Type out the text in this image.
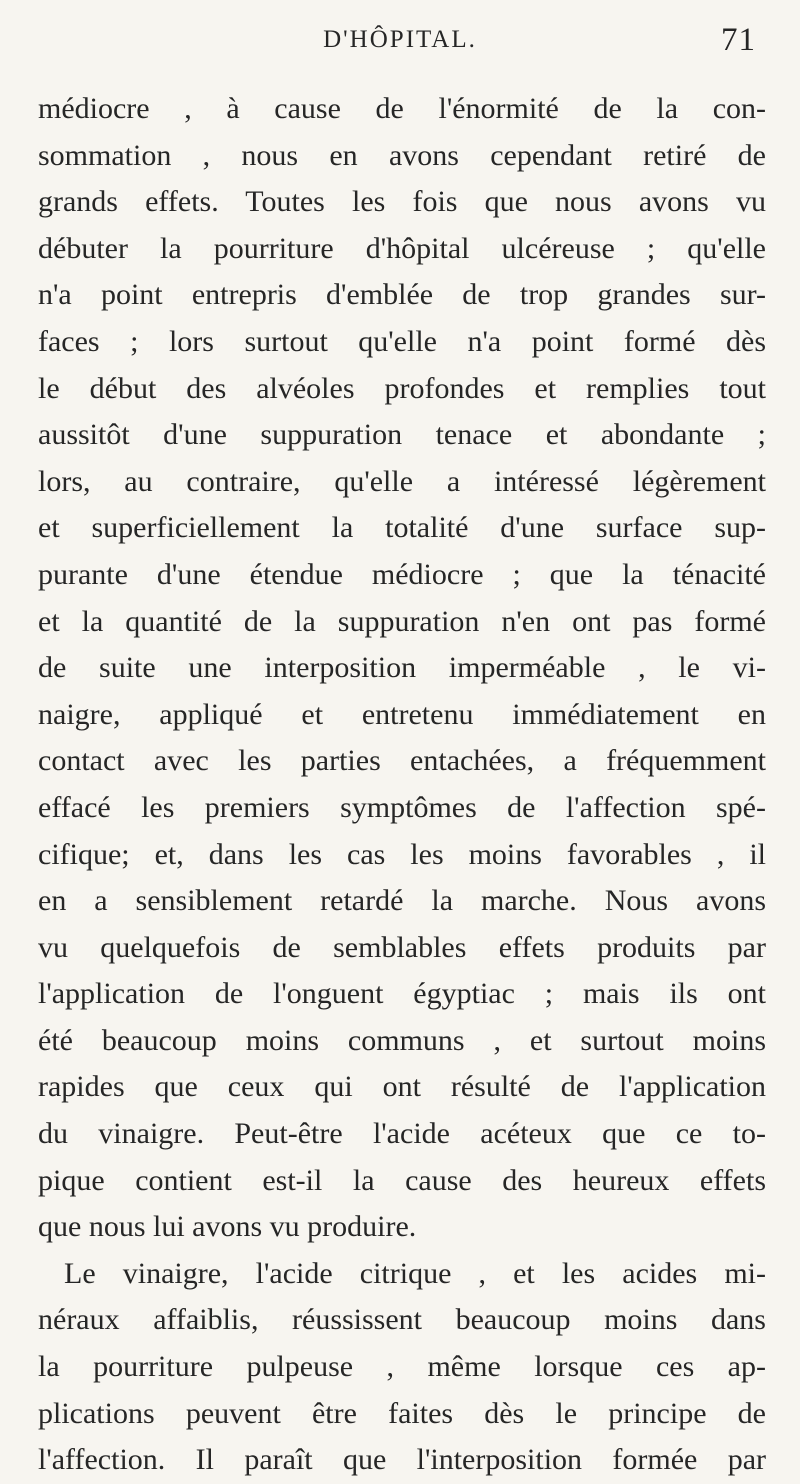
D'HÔPITAL.	71
médiocre , à cause de l'énormité de la con-
sommation , nous en avons cependant retiré de
grands effets. Toutes les fois que nous avons vu
débuter la pourriture d'hôpital ulcéreuse ; qu'elle
n'a point entrepris d'emblée de trop grandes sur-
faces ; lors surtout qu'elle n'a point formé dès
le début des alvéoles profondes et remplies tout
aussitôt d'une suppuration tenace et abondante ;
lors, au contraire, qu'elle a intéressé légèrement
et superficiellement la totalité d'une surface sup-
purante d'une étendue médiocre ; que la ténacité
et la quantité de la suppuration n'en ont pas formé
de suite une interposition imperméable , le vi-
naigre, appliqué et entretenu immédiatement en
contact avec les parties entachées, a fréquemment
effacé les premiers symptômes de l'affection spé-
cifique; et, dans les cas les moins favorables , il
en a sensiblement retardé la marche. Nous avons
vu quelquefois de semblables effets produits par
l'application de l'onguent égyptiac ; mais ils ont
été beaucoup moins communs , et surtout moins
rapides que ceux qui ont résulté de l'application
du vinaigre. Peut-être l'acide acéteux que ce to-
pique contient est-il la cause des heureux effets
que nous lui avons vu produire.
Le vinaigre, l'acide citrique , et les acides mi-
néraux affaiblis, réussissent beaucoup moins dans
la pourriture pulpeuse , même lorsque ces ap-
plications peuvent être faites dès le principe de
l'affection. Il paraît que l'interposition formée par
